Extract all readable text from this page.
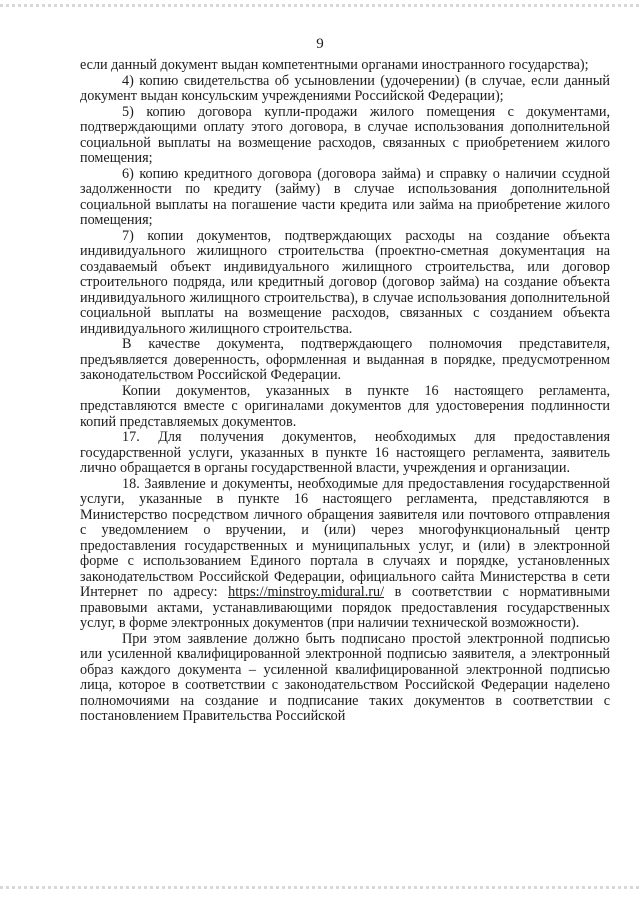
9

если данный документ выдан компетентными органами иностранного государства);

4) копию свидетельства об усыновлении (удочерении) (в случае, если данный документ выдан консульским учреждениями Российской Федерации);

5) копию договора купли-продажи жилого помещения с документами, подтверждающими оплату этого договора, в случае использования дополнительной социальной выплаты на возмещение расходов, связанных с приобретением жилого помещения;

6) копию кредитного договора (договора займа) и справку о наличии ссудной задолженности по кредиту (займу) в случае использования дополнительной социальной выплаты на погашение части кредита или займа на приобретение жилого помещения;

7) копии документов, подтверждающих расходы на создание объекта индивидуального жилищного строительства (проектно-сметная документация на создаваемый объект индивидуального жилищного строительства, или договор строительного подряда, или кредитный договор (договор займа) на создание объекта индивидуального жилищного строительства), в случае использования дополнительной социальной выплаты на возмещение расходов, связанных с созданием объекта индивидуального жилищного строительства.

В качестве документа, подтверждающего полномочия представителя, предъявляется доверенность, оформленная и выданная в порядке, предусмотренном законодательством Российской Федерации.

Копии документов, указанных в пункте 16 настоящего регламента, представляются вместе с оригиналами документов для удостоверения подлинности копий представляемых документов.

17. Для получения документов, необходимых для предоставления государственной услуги, указанных в пункте 16 настоящего регламента, заявитель лично обращается в органы государственной власти, учреждения и организации.

18. Заявление и документы, необходимые для предоставления государственной услуги, указанные в пункте 16 настоящего регламента, представляются в Министерство посредством личного обращения заявителя или почтового отправления с уведомлением о вручении, и (или) через многофункциональный центр предоставления государственных и муниципальных услуг, и (или) в электронной форме с использованием Единого портала в случаях и порядке, установленных законодательством Российской Федерации, официального сайта Министерства в сети Интернет по адресу: https://minstroy.midural.ru/ в соответствии с нормативными правовыми актами, устанавливающими порядок предоставления государственных услуг, в форме электронных документов (при наличии технической возможности).

При этом заявление должно быть подписано простой электронной подписью или усиленной квалифицированной электронной подписью заявителя, а электронный образ каждого документа – усиленной квалифицированной электронной подписью лица, которое в соответствии с законодательством Российской Федерации наделено полномочиями на создание и подписание таких документов в соответствии с постановлением Правительства Российской
